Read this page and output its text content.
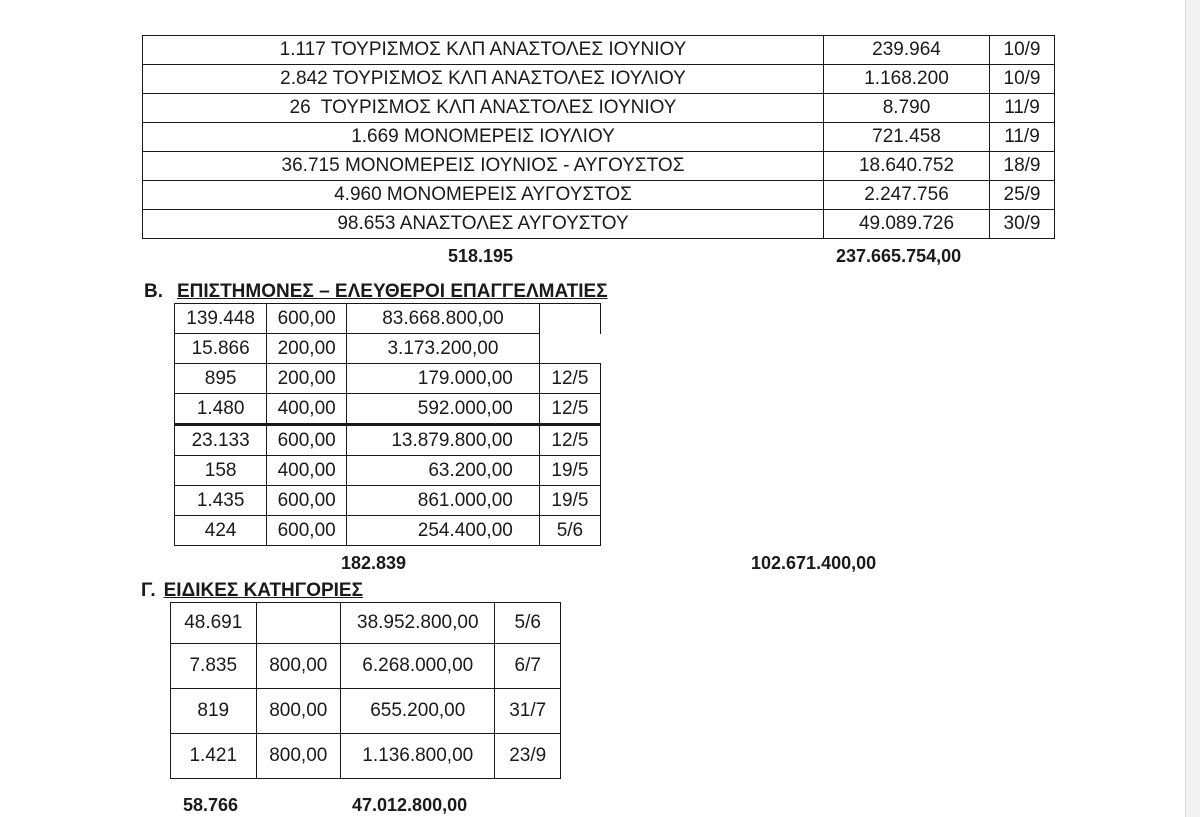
1.117 ΤΟΥΡΙΣΜΟΣ ΚΛΠ ΑΝΑΣΤΟΛΕΣ ΙΟΥΝΙΟΥ	239.964	10/9
2.842 ΤΟΥΡΙΣΜΟΣ ΚΛΠ ΑΝΑΣΤΟΛΕΣ ΙΟΥΛΙΟΥ	1.168.200	10/9
26  ΤΟΥΡΙΣΜΟΣ ΚΛΠ ΑΝΑΣΤΟΛΕΣ ΙΟΥΝΙΟΥ	8.790	11/9
1.669 ΜΟΝΟΜΕΡΕΙΣ ΙΟΥΛΙΟΥ	721.458	11/9
36.715 ΜΟΝΟΜΕΡΕΙΣ ΙΟΥΝΙΟΣ - ΑΥΓΟΥΣΤΟΣ	18.640.752	18/9
4.960 ΜΟΝΟΜΕΡΕΙΣ ΑΥΓΟΥΣΤΟΣ	2.247.756	25/9
98.653 ΑΝΑΣΤΟΛΕΣ ΑΥΓΟΥΣΤΟΥ	49.089.726	30/9
518.195	237.665.754,00
Β. ΕΠΙΣΤΗΜΟΝΕΣ – ΕΛΕΥΘΕΡΟΙ ΕΠΑΓΓΕΛΜΑΤΙΕΣ
139.448	600,00	83.668.800,00	
15.866	200,00	3.173.200,00	
895	200,00	179.000,00	12/5
1.480	400,00	592.000,00	12/5
23.133	600,00	13.879.800,00	12/5
158	400,00	63.200,00	19/5
1.435	600,00	861.000,00	19/5
424	600,00	254.400,00	5/6
182.839	102.671.400,00
Γ. ΕΙΔΙΚΕΣ ΚΑΤΗΓΟΡΙΕΣ
48.691		38.952.800,00	5/6
7.835	800,00	6.268.000,00	6/7
819	800,00	655.200,00	31/7
1.421	800,00	1.136.800,00	23/9
58.766	47.012.800,00
